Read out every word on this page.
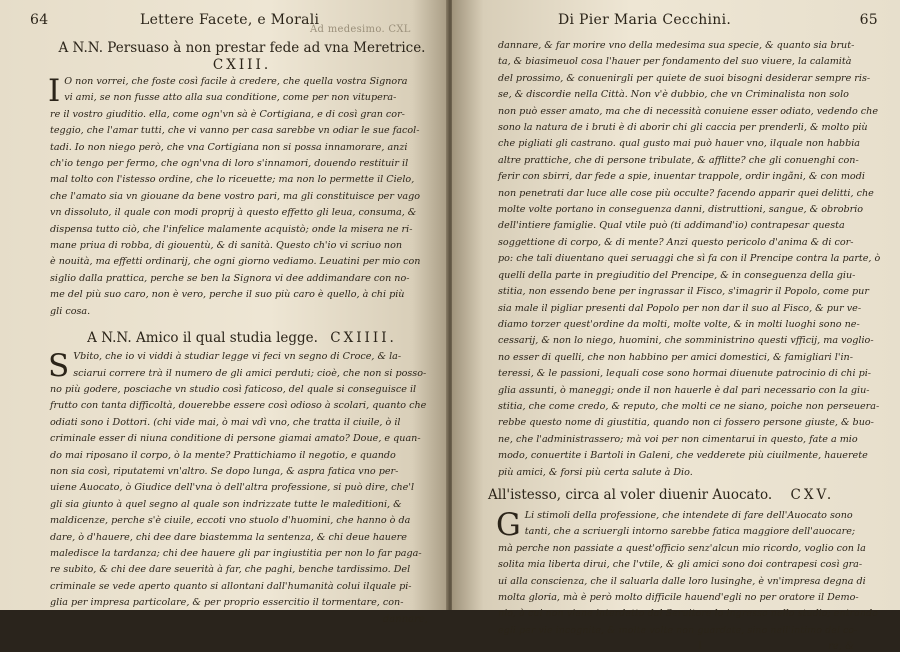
64	Lettere Facete, e Morali
Ad medesimo. CXL
A N.N. Persuaso à non prestar fede ad vna Meretrice.
CXIII.
I O non vorrei, che foste così facile à credere, che quella vostra Signora
vi ami, se non fusse atto alla sua conditione, come per non vitupera-
re il vostro giuditio. ella, come ogn'vn sà è Cortigiana, e di così gran cor-
teggio, che l'amar tutti, che vi vanno per casa sarebbe vn odiar le sue facol-
tadi. Io non niego però, che vna Cortigiana non si possa innamorare, anzi
ch'io tengo per fermo, che ogn'vna di loro s'innamori, douendo restituir il
mal tolto con l'istesso ordine, che lo riceuette; ma non lo permette il Cielo,
che l'amato sia vn giouane da bene vostro pari, ma gli constituisce per vago
vn dissoluto, il quale con modi proprij à questo effetto gli leua, consuma, &
dispensa tutto ciò, che l'infelice malamente acquistò; onde la misera ne ri-
mane priua di robba, di giouentù, & di sanità. Questo ch'io vi scriuo non
è nouità, ma effetti ordinarij, che ogni giorno vediamo. Leuatini per mio con
siglio dalla prattica, perche se ben la Signora vi dee addimandare con no-
me del più suo caro, non è vero, perche il suo più caro è quello, à chi più
gli cosa.
A N.N. Amico il qual studia legge. CXIIII.
S Vbito, che io vi viddi à studiar legge vi feci vn segno di Croce, & la-
sciarui correre trà il numero de gli amici perduti; cioè, che non si posso-
no più godere, posciache vn studio così faticoso, del quale si conseguisce il
frutto con tanta difficoltà, douerebbe essere così odioso à scolari, quanto che
odiati sono i Dottori. (chi vide mai, ò mai vdì vno, che tratta il ciuile, ò il
criminale esser di niuna conditione di persone giamai amato? Doue, e quan-
do mai riposano il corpo, ò la mente? Prattichiamo il negotio, e quando
non sia così, riputatemi vn'altro. Se dopo lunga, & aspra fatica vno per-
uiene Auocato, ò Giudice dell'vna ò dell'altra professione, si può dire, che'l
gli sia giunto à quel segno al quale son indrizzate tutte le maleditioni, &
maldicenze, perche s'è ciuile, eccoti vno stuolo d'huomini, che hanno ò da
dare, ò d'hauere, chi dee dare biastemma la sentenza, & chi deue hauere
maledisce la tardanza; chi dee hauere gli par ingiustitia per non lo far paga-
re subito, & chi dee dare seuerità à far, che paghi, benche tardissimo. Del
criminale se vede aperto quanto si allontani dall'humanità colui ilquale pi-
glia per impresa particolare, & per proprio essercitio il tormentare, con-
dannare,
Di Pier Maria Cecchini.	65
dannare, & far morire vno della medesima sua specie, & quanto sia brut-
ta, & biasimeuol cosa l'hauer per fondamento del suo viuere, la calamità
del prossimo, & conuenirgli per quiete de suoi bisogni desiderar sempre ris-
se, & discordie nella Città. Non v'è dubbio, che vn Criminalista non solo
non può esser amato, ma che di necessità conuiene esser odiato, vedendo che
sono la natura de i bruti è di aborir chi gli caccia per prenderli, & molto più
che pigliati gli castrano. qual gusto mai può hauer vno, ilquale non habbia
altre prattiche, che di persone tribulate, & afflitte? che gli conuenghi con-
ferir con sbirri, dar fede a spie, inuentar trappole, ordir ingãni, & con modi
non penetrati dar luce alle cose più occulte? facendo apparir quei delitti, che
molte volte portano in conseguenza danni, distruttioni, sangue, & obrobrio
dell'intiere famiglie. Qual vtile può (ti addimand'io) contrapesar questa
soggettione di corpo, & di mente? Anzi questo pericolo d'anima & di cor-
po: che tali diuentano quei seruaggi che sì fa con il Prencipe contra la parte, ò
quelli della parte in pregiuditio del Prencipe, & in conseguenza della giu-
stitia, non essendo bene per ingrassar il Fisco, s'imagrir il Popolo, come pur
sia male il pigliar presenti dal Popolo per non dar il suo al Fisco, & pur ve-
diamo torzer quest'ordine da molti, molte volte, & in molti luoghi sono ne-
cessarij, & non lo niego, huomini, che somministrino questi vfficij, ma voglio-
no esser di quelli, che non habbino per amici domestici, & famigliari l'in-
teressi, & le passioni, lequali cose sono hormai diuenute patrocinio di chi pi-
glia assunti, ò maneggi; onde il non hauerle è dal pari necessario con la giu-
stitia, che come credo, & reputo, che molti ce ne siano, poiche non perseuera-
rebbe questo nome di giustitia, quando non ci fossero persone giuste, & buo-
ne, che l'administrassero; mà voi per non cimentarui in questo, fate a mio
modo, conuertite i Bartoli in Galeni, che vedderete più ciuilmente, hauerete
più amici, & forsi più certa salute à Dio.
All'istesso, circa al voler diuenir Auocato. CXV.
G Li stimoli della professione, che intendete di fare dell'Auocato sono
tanti, che a scriuergli intorno sarebbe fatica maggiore dell'auocare;
mà perche non passiate a quest'officio senz'alcun mio ricordo, voglio con la
solita mia liberta dirui, che l'vtile, & gli amici sono doi contrapesi così gra-
ui alla conscienza, che il saluarla dalle loro lusinghe, è vn'impresa degna di
molta gloria, mà è però molto difficile hauend'egli no per oratore il Demo-
nio, à cui non viene interdetto dal Seruitore lo ingresso nello studio; entrando
egli per vie incognite, & molte volte non guardate, sino nell'intimo del co-
I	re, &
